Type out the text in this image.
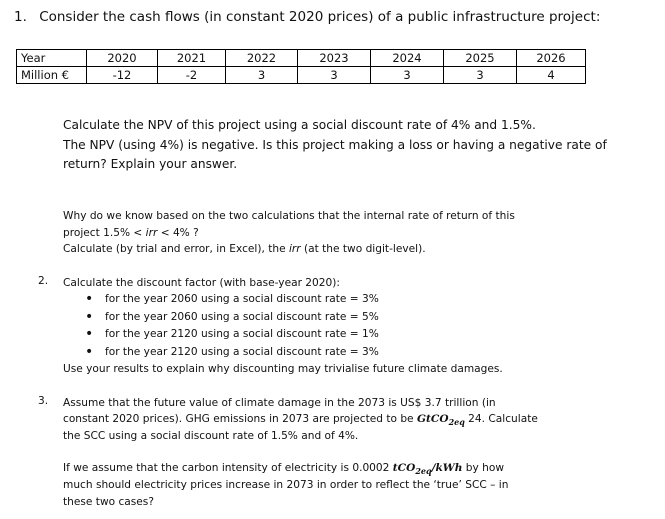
1. Consider the cash flows (in constant 2020 prices) of a public infrastructure project:
Year	2020	2021	2022	2023	2024	2025	2026
Million €	-12	-2	3	3	3	3	4
Calculate the NPV of this project using a social discount rate of 4% and 1.5%.
The NPV (using 4%) is negative. Is this project making a loss or having a negative rate of
return? Explain your answer.
Why do we know based on the two calculations that the internal rate of return of this
project 1.5% < irr < 4% ?
Calculate (by trial and error, in Excel), the irr (at the two digit-level).
2. Calculate the discount factor (with base-year 2020):
• for the year 2060 using a social discount rate = 3%
• for the year 2060 using a social discount rate = 5%
• for the year 2120 using a social discount rate = 1%
• for the year 2120 using a social discount rate = 3%
Use your results to explain why discounting may trivialise future climate damages.
3. Assume that the future value of climate damage in the 2073 is US$ 3.7 trillion (in
constant 2020 prices). GHG emissions in 2073 are projected to be GtCO$_{2eq}$ 24. Calculate
the SCC using a social discount rate of 1.5% and of 4%.
If we assume that the carbon intensity of electricity is 0.0002 tCO$_{2eq}$/kWh by how
much should electricity prices increase in 2073 in order to reflect the ‘true’ SCC – in
these two cases?
